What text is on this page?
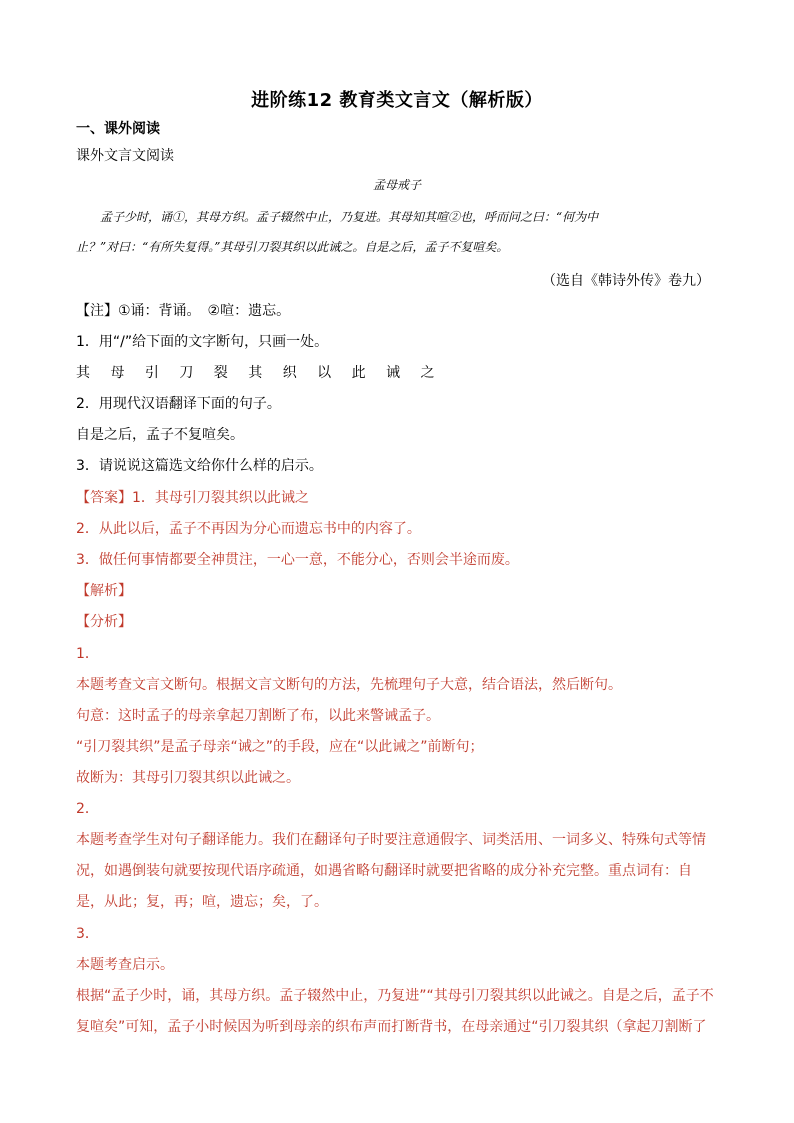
进阶练12 教育类文言文（解析版）
一、课外阅读
课外文言文阅读
孟母戒子
孟子少时，诵①，其母方织。孟子辍然中止，乃复进。其母知其喧②也，呼而问之曰：“何为中
止？”对曰：“有所失复得。”其母引刀裂其织以此诫之。自是之后，孟子不复喧矣。
（选自《韩诗外传》卷九）
【注】①诵：背诵。　②喧：遗忘。
1．用“/”给下面的文字断句，只画一处。
其 母 引 刀 裂 其 织 以 此 诫 之
2．用现代汉语翻译下面的句子。
自是之后，孟子不复喧矣。
3．请说说这篇选文给你什么样的启示。
【答案】1．其母引刀裂其织以此诫之
2．从此以后，孟子不再因为分心而遗忘书中的内容了。
3．做任何事情都要全神贯注，一心一意，不能分心，否则会半途而废。
【解析】
【分析】
1．
本题考查文言文断句。根据文言文断句的方法，先梳理句子大意，结合语法，然后断句。
句意：这时孟子的母亲拿起刀割断了布，以此来警诫孟子。
“引刀裂其织”是孟子母亲“诫之”的手段，应在“以此诫之”前断句；
故断为：其母引刀裂其织以此诫之。
2．
本题考查学生对句子翻译能力。我们在翻译句子时要注意通假字、词类活用、一词多义、特殊句式等情
况，如遇倒装句就要按现代语序疏通，如遇省略句翻译时就要把省略的成分补充完整。重点词有：自
是，从此；复，再；喧，遗忘；矣，了。
3．
本题考查启示。
根据“孟子少时，诵，其母方织。孟子辍然中止，乃复进”“其母引刀裂其织以此诫之。自是之后，孟子不
复喧矣”可知，孟子小时候因为听到母亲的织布声而打断背书，在母亲通过“引刀裂其织（拿起刀割断了
